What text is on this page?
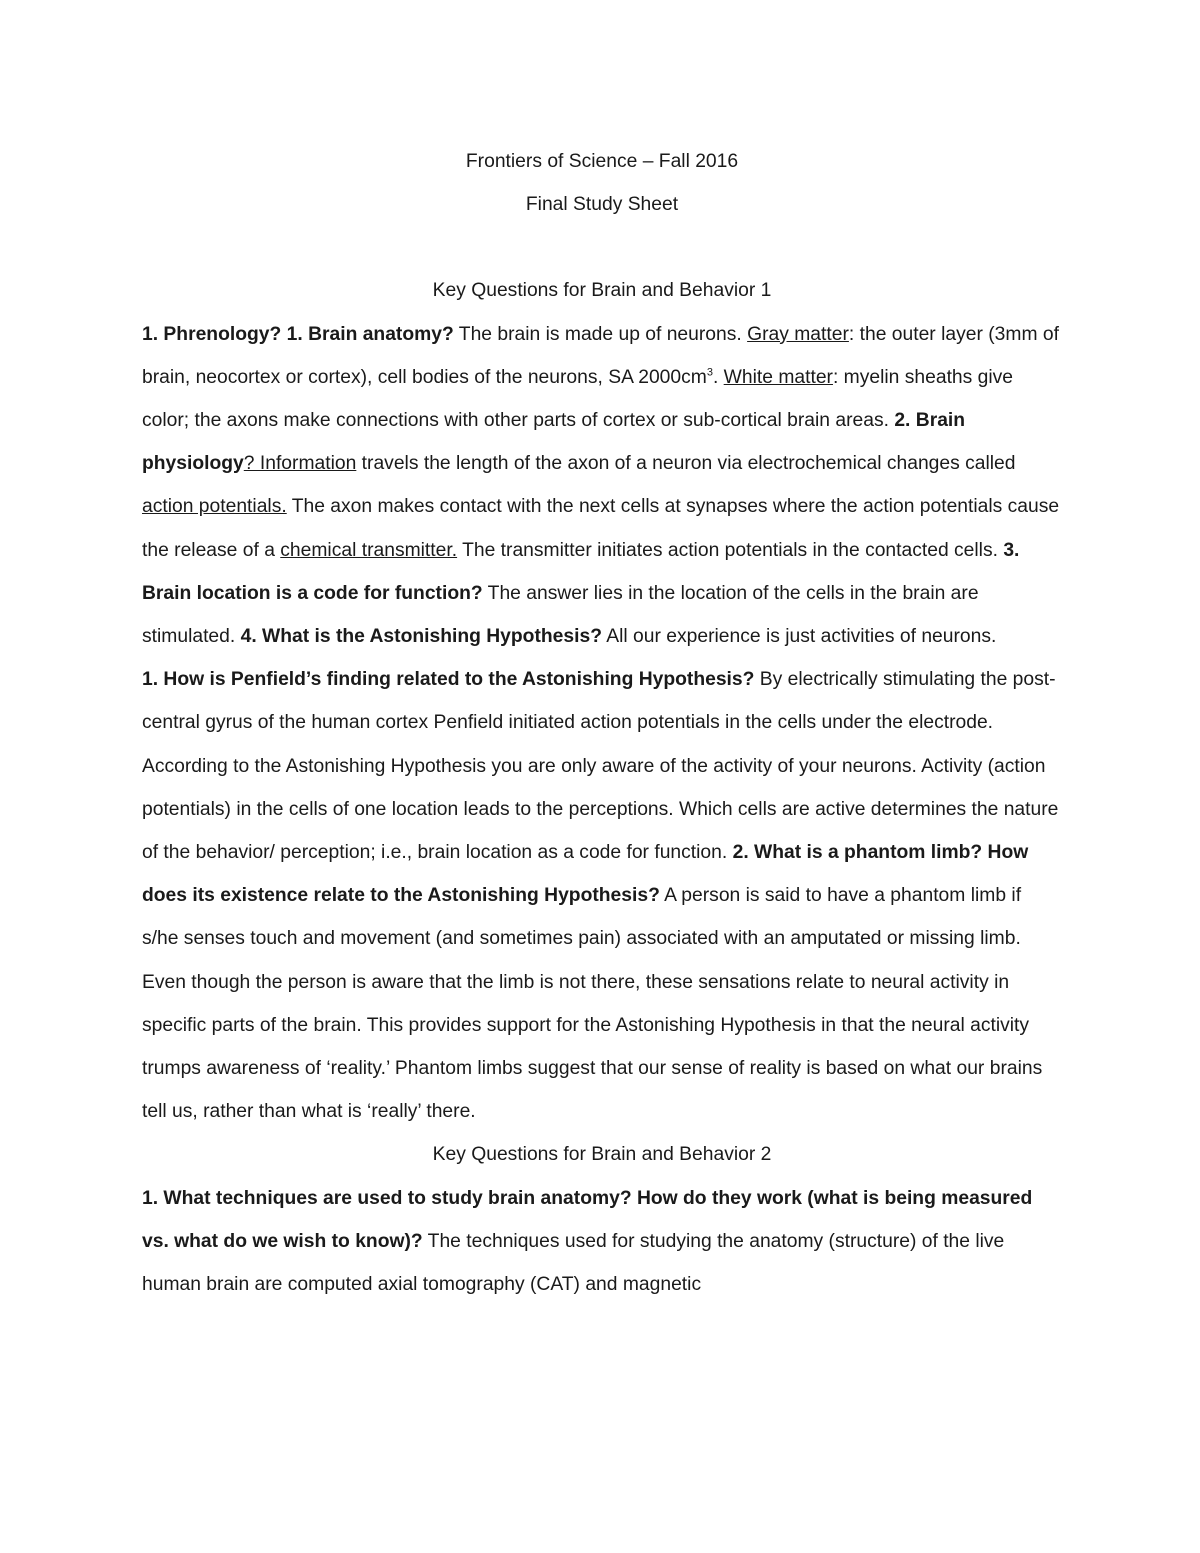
Frontiers of Science – Fall 2016

Final Study Sheet

Key Questions for Brain and Behavior 1

1. Phrenology? 1. Brain anatomy? The brain is made up of neurons. Gray matter: the outer layer (3mm of brain, neocortex or cortex), cell bodies of the neurons, SA $2000cm^3$. White matter: myelin sheaths give color; the axons make connections with other parts of cortex or sub-cortical brain areas. 2. Brain physiology? Information travels the length of the axon of a neuron via electrochemical changes called action potentials. The axon makes contact with the next cells at synapses where the action potentials cause the release of a chemical transmitter. The transmitter initiates action potentials in the contacted cells. 3. Brain location is a code for function? The answer lies in the location of the cells in the brain are stimulated. 4. What is the Astonishing Hypothesis? All our experience is just activities of neurons.

1. How is Penfield’s finding related to the Astonishing Hypothesis? By electrically stimulating the post-central gyrus of the human cortex Penfield initiated action potentials in the cells under the electrode. According to the Astonishing Hypothesis you are only aware of the activity of your neurons. Activity (action potentials) in the cells of one location leads to the perceptions. Which cells are active determines the nature of the behavior/ perception; i.e., brain location as a code for function. 2. What is a phantom limb? How does its existence relate to the Astonishing Hypothesis? A person is said to have a phantom limb if s/he senses touch and movement (and sometimes pain) associated with an amputated or missing limb. Even though the person is aware that the limb is not there, these sensations relate to neural activity in specific parts of the brain. This provides support for the Astonishing Hypothesis in that the neural activity trumps awareness of ‘reality.’ Phantom limbs suggest that our sense of reality is based on what our brains tell us, rather than what is ‘really’ there.

Key Questions for Brain and Behavior 2

1. What techniques are used to study brain anatomy? How do they work (what is being measured vs. what do we wish to know)? The techniques used for studying the anatomy (structure) of the live human brain are computed axial tomography (CAT) and magnetic
